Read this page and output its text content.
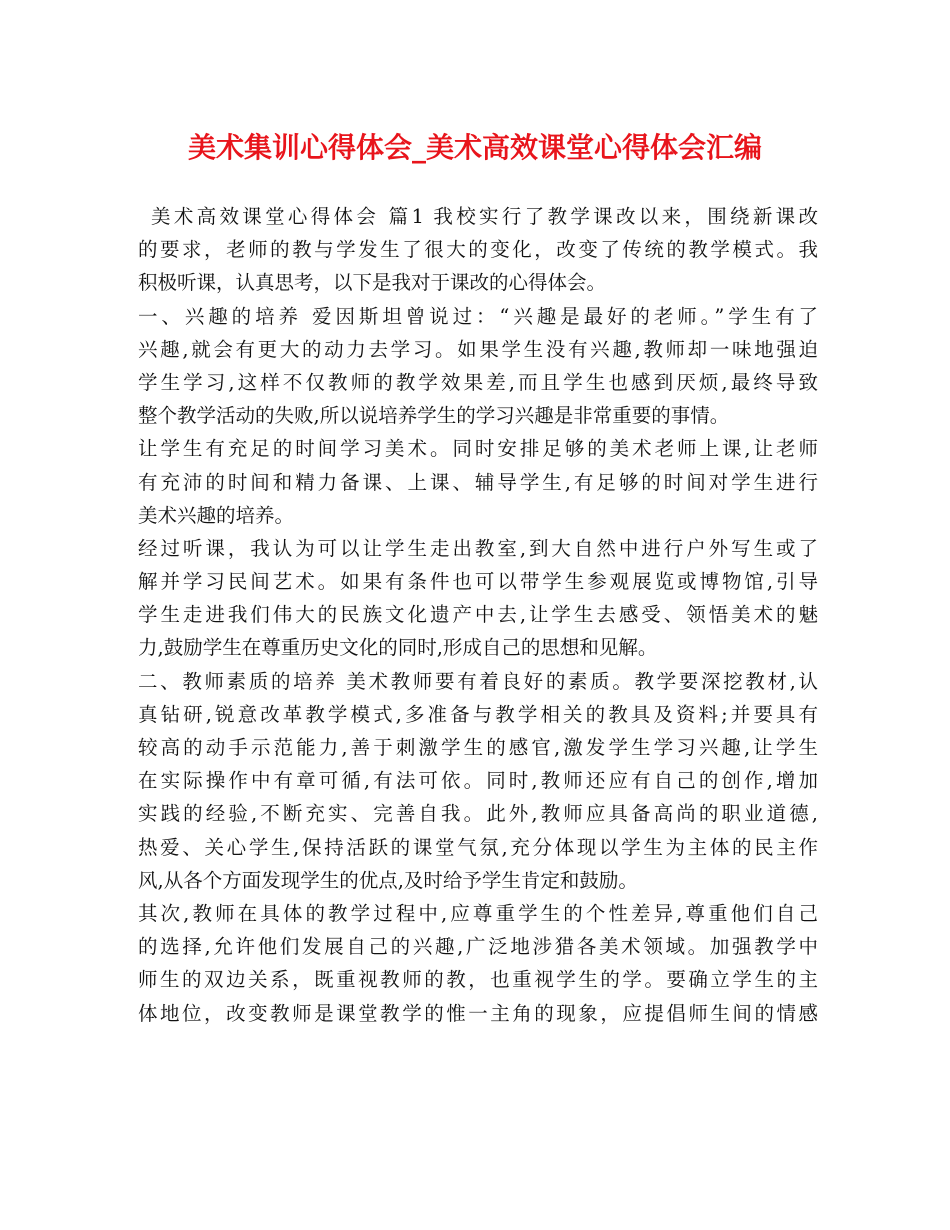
美术集训心得体会_美术高效课堂心得体会汇编
美术高效课堂心得体会 篇1 我校实行了教学课改以来，围绕新课改
的要求，老师的教与学发生了很大的变化，改变了传统的教学模式。我
积极听课，认真思考，以下是我对于课改的心得体会。
一、兴趣的培养 爱因斯坦曾说过：“兴趣是最好的老师。”学生有了
兴趣,就会有更大的动力去学习。如果学生没有兴趣,教师却一味地强迫
学生学习,这样不仅教师的教学效果差,而且学生也感到厌烦,最终导致
整个教学活动的失败,所以说培养学生的学习兴趣是非常重要的事情。
让学生有充足的时间学习美术。同时安排足够的美术老师上课,让老师
有充沛的时间和精力备课、上课、辅导学生,有足够的时间对学生进行
美术兴趣的培养。
经过听课，我认为可以让学生走出教室,到大自然中进行户外写生或了
解并学习民间艺术。如果有条件也可以带学生参观展览或博物馆,引导
学生走进我们伟大的民族文化遗产中去,让学生去感受、领悟美术的魅
力,鼓励学生在尊重历史文化的同时,形成自己的思想和见解。
二、教师素质的培养 美术教师要有着良好的素质。教学要深挖教材,认
真钻研,锐意改革教学模式,多准备与教学相关的教具及资料;并要具有
较高的动手示范能力,善于刺激学生的感官,激发学生学习兴趣,让学生
在实际操作中有章可循,有法可依。同时,教师还应有自己的创作,增加
实践的经验,不断充实、完善自我。此外,教师应具备高尚的职业道德,
热爱、关心学生,保持活跃的课堂气氛,充分体现以学生为主体的民主作
风,从各个方面发现学生的优点,及时给予学生肯定和鼓励。
其次,教师在具体的教学过程中,应尊重学生的个性差异,尊重他们自己
的选择,允许他们发展自己的兴趣,广泛地涉猎各美术领域。加强教学中
师生的双边关系，既重视教师的教，也重视学生的学。要确立学生的主
体地位，改变教师是课堂教学的惟一主角的现象，应提倡师生间的情感
